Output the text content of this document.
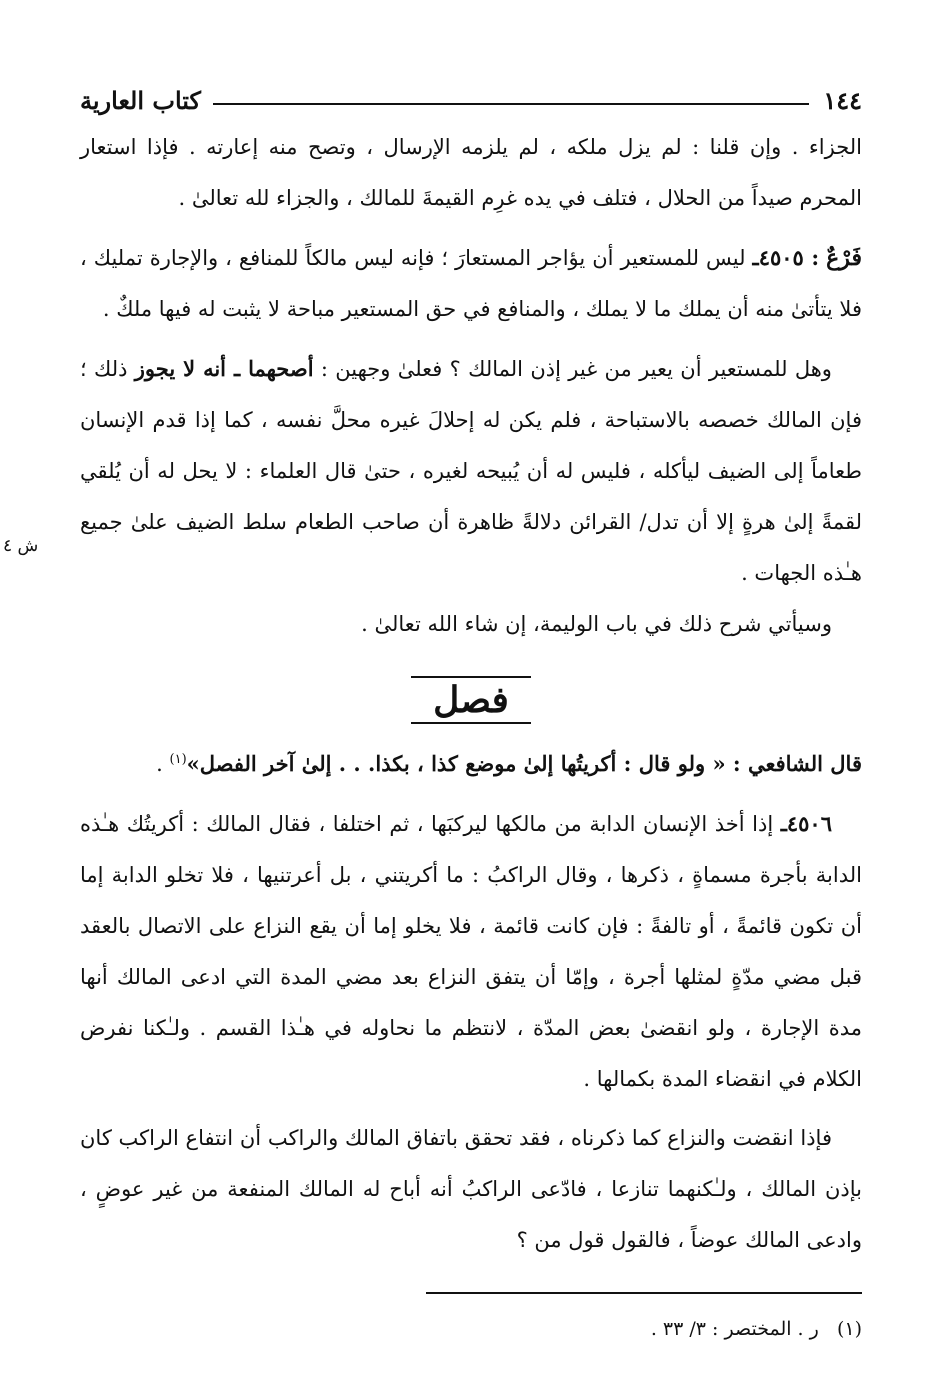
ش ٤
١٤٤
كتاب العارية

الجزاء . وإن قلنا : لم يزل ملكه ، لم يلزمه الإرسال ، وتصح منه إعارته . فإذا استعار المحرم صيداً من الحلال ، فتلف في يده غرِم القيمةَ للمالك ، والجزاء لله تعالىٰ .

فَرْعٌ : ٤٥٠٥ـ ليس للمستعير أن يؤاجر المستعارَ ؛ فإنه ليس مالكاً للمنافع ، والإجارة تمليك ، فلا يتأتىٰ منه أن يملك ما لا يملك ، والمنافع في حق المستعير مباحة لا يثبت له فيها ملكٌ .

وهل للمستعير أن يعير من غير إذن المالك ؟ فعلىٰ وجهين : أصحهما ـ أنه لا يجوز ذلك ؛ فإن المالك خصصه بالاستباحة ، فلم يكن له إحلالَ غيره محلَّ نفسه ، كما إذا قدم الإنسان طعاماً إلى الضيف ليأكله ، فليس له أن يُبيحه لغيره ، حتىٰ قال العلماء : لا يحل له أن يُلقي لقمةً إلىٰ هرةٍ إلا أن تدل/ القرائن دلالةً ظاهرة أن صاحب الطعام سلط الضيف علىٰ جميع هـٰذه الجهات .

وسيأتي شرح ذلك في باب الوليمة، إن شاء الله تعالىٰ .

فصل

قال الشافعي : « ولو قال : أكريتُها إلىٰ موضع كذا ، بكذا. . . إلىٰ آخر الفصل»$^{(١)}$ .

٤٥٠٦ـ إذا أخذ الإنسان الدابة من مالكها ليركبَها ، ثم اختلفا ، فقال المالك : أكريتُك هـٰذه الدابة بأجرة مسماةٍ ، ذكرها ، وقال الراكبُ : ما أكريتني ، بل أعرتنيها ، فلا تخلو الدابة إما أن تكون قائمةً ، أو تالفةً : فإن كانت قائمة ، فلا يخلو إما أن يقع النزاع على الاتصال بالعقد قبل مضي مدّةٍ لمثلها أجرة ، وإمّا أن يتفق النزاع بعد مضي المدة التي ادعى المالك أنها مدة الإجارة ، ولو انقضىٰ بعض المدّة ، لانتظم ما نحاوله في هـٰذا القسم . ولـٰكنا نفرض الكلام في انقضاء المدة بكمالها .

فإذا انقضت والنزاع كما ذكرناه ، فقد تحقق باتفاق المالك والراكب أن انتفاع الراكب كان بإذن المالك ، ولـٰكنهما تنازعا ، فادّعى الراكبُ أنه أباح له المالك المنفعة من غير عوضٍ ، وادعى المالك عوضاً ، فالقول قول من ؟

(١)   ر . المختصر : ٣/ ٣٣ .
